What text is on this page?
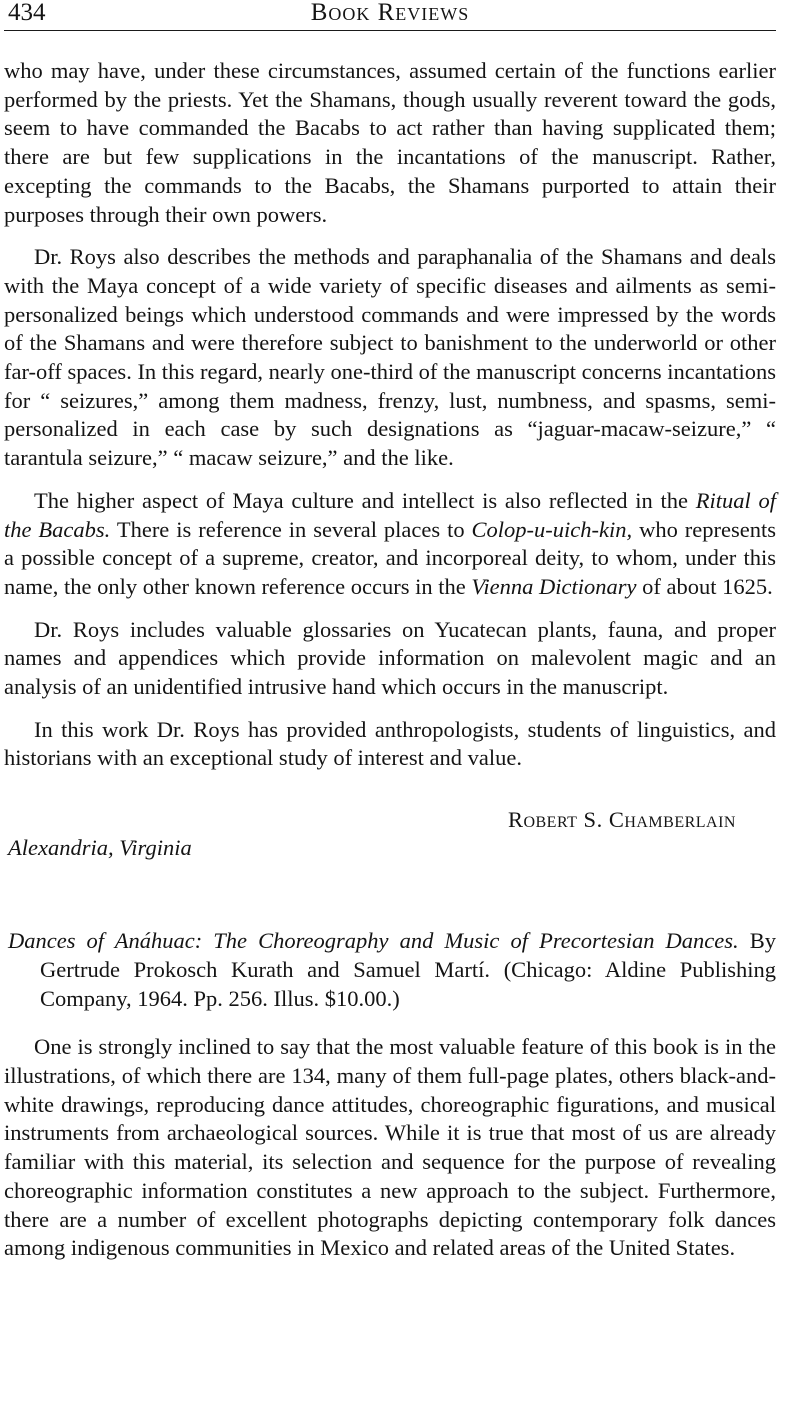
434	Book Reviews

who may have, under these circumstances, assumed certain of the functions earlier performed by the priests. Yet the Shamans, though usually reverent toward the gods, seem to have commanded the Bacabs to act rather than having supplicated them; there are but few supplications in the incantations of the manuscript. Rather, excepting the commands to the Bacabs, the Shamans purported to attain their purposes through their own powers.

Dr. Roys also describes the methods and paraphanalia of the Shamans and deals with the Maya concept of a wide variety of specific diseases and ailments as semi-personalized beings which understood commands and were impressed by the words of the Shamans and were therefore subject to banishment to the underworld or other far-off spaces. In this regard, nearly one-third of the manuscript concerns incantations for “ seizures,” among them madness, frenzy, lust, numbness, and spasms, semi-personalized in each case by such designations as “jaguar-macaw-seizure,” “ tarantula seizure,” “ macaw seizure,” and the like.

The higher aspect of Maya culture and intellect is also reflected in the Ritual of the Bacabs. There is reference in several places to Colop-u-uich-kin, who represents a possible concept of a supreme, creator, and incorporeal deity, to whom, under this name, the only other known reference occurs in the Vienna Dictionary of about 1625.

Dr. Roys includes valuable glossaries on Yucatecan plants, fauna, and proper names and appendices which provide information on malevolent magic and an analysis of an unidentified intrusive hand which occurs in the manuscript.

In this work Dr. Roys has provided anthropologists, students of linguistics, and historians with an exceptional study of interest and value.

Robert S. Chamberlain
Alexandria, Virginia
Dances of Anáhuac: The Choreography and Music of Precortesian Dances. By Gertrude Prokosch Kurath and Samuel Martí. (Chicago: Aldine Publishing Company, 1964. Pp. 256. Illus. $10.00.)

One is strongly inclined to say that the most valuable feature of this book is in the illustrations, of which there are 134, many of them full-page plates, others black-and-white drawings, reproducing dance attitudes, choreographic figurations, and musical instruments from archaeological sources. While it is true that most of us are already familiar with this material, its selection and sequence for the purpose of revealing choreographic information constitutes a new approach to the subject. Furthermore, there are a number of excellent photographs depicting contemporary folk dances among indigenous communities in Mexico and related areas of the United States.
